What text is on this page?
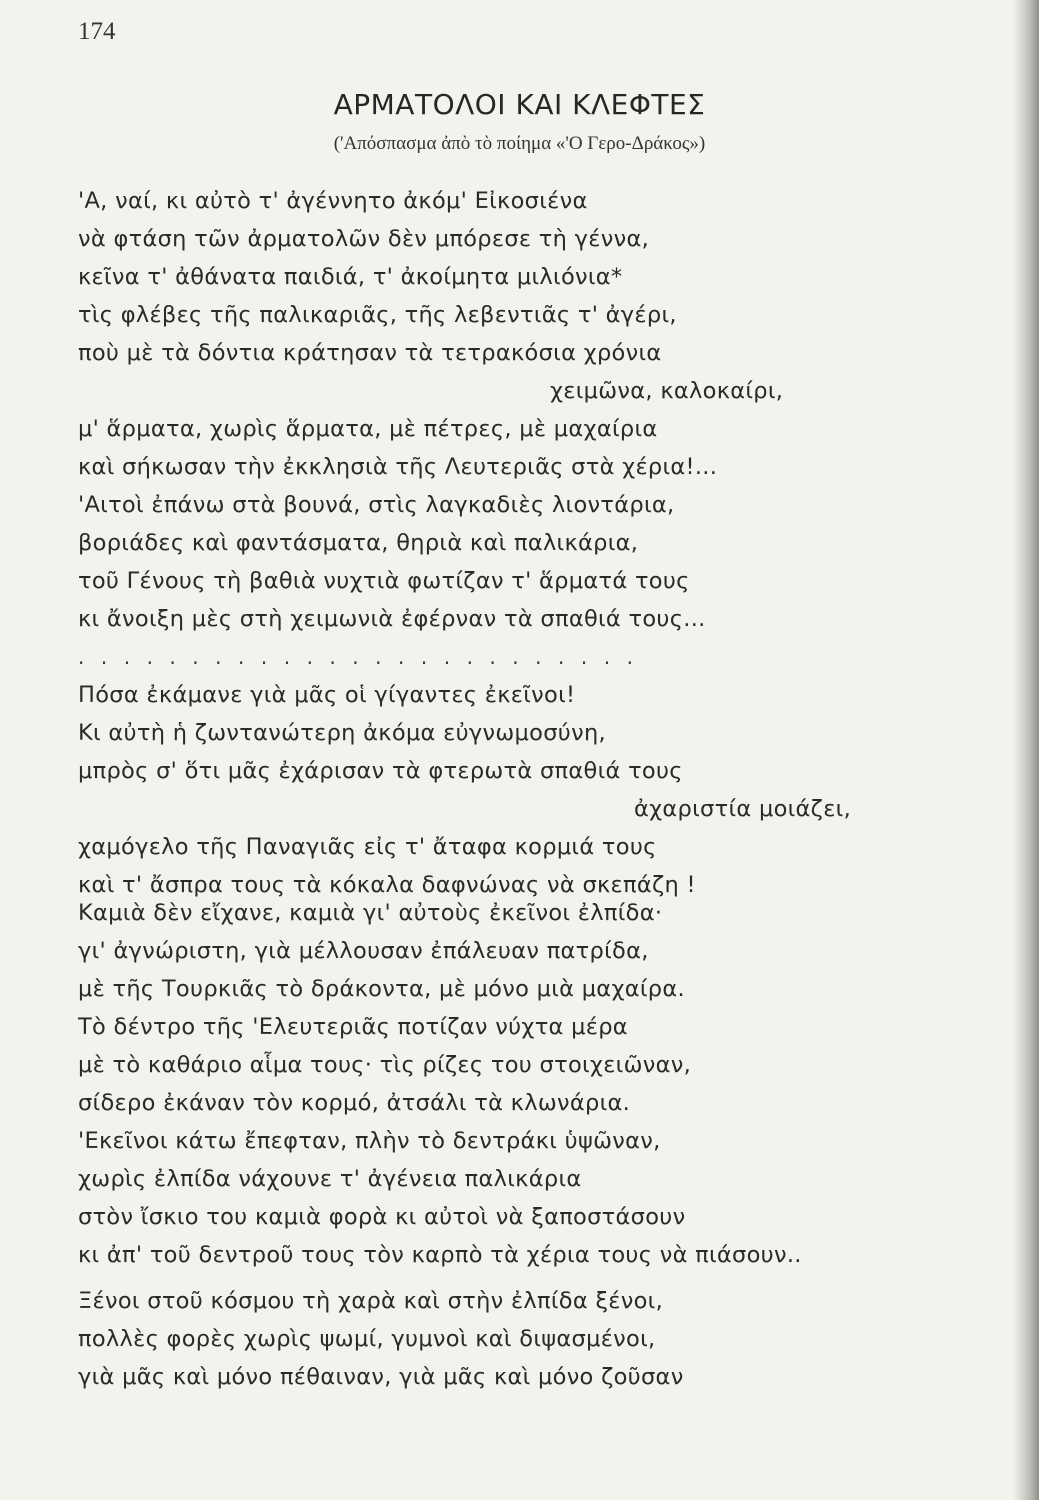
174
ΑΡΜΑΤΟΛΟΙ ΚΑΙ ΚΛΕΦΤΕΣ
('Απόσπασμα ἀπὸ τὸ ποίημα «'Ο Γερο-Δράκος»)
'Α, ναί, κι αὐτὸ τ' ἀγέννητο ἀκόμ' Εἰκοσιένα
νὰ φτάση τῶν ἀρματολῶν δὲν μπόρεσε τὴ γέννα,
κεῖνα τ' ἀθάνατα παιδιά, τ' ἀκοίμητα μιλιόνια*
τὶς φλέβες τῆς παλικαριᾶς, τῆς λεβεντιᾶς τ' ἀγέρι,
ποὺ μὲ τὰ δόντια κράτησαν τὰ τετρακόσια χρόνια
χειμῶνα, καλοκαίρι,
μ' ἅρματα, χωρὶς ἅρματα, μὲ πέτρες, μὲ μαχαίρια
καὶ σήκωσαν τὴν ἐκκλησιὰ τῆς Λευτεριᾶς στὰ χέρια!...
'Αιτοὶ ἐπάνω στὰ βουνά, στὶς λαγκαδιὲς λιοντάρια,
βοριάδες καὶ φαντάσματα, θηριὰ καὶ παλικάρια,
τοῦ Γένους τὴ βαθιὰ νυχτιὰ φωτίζαν τ' ἅρματά τους
κι ἄνοιξη μὲς στὴ χειμωνιὰ ἐφέρναν τὰ σπαθιά τους...
.........................
Πόσα ἐκάμανε γιὰ μᾶς οἱ γίγαντες ἐκεῖνοι!
Κι αὐτὴ ἡ ζωντανώτερη ἀκόμα εὐγνωμοσύνη,
μπρὸς σ' ὅτι μᾶς ἐχάρισαν τὰ φτερωτὰ σπαθιά τους
ἀχαριστία μοιάζει,
χαμόγελο τῆς Παναγιᾶς εἰς τ' ἄταφα κορμιά τους
καὶ τ' ἄσπρα τους τὰ κόκαλα δαφνώνας νὰ σκεπάζη !
Καμιὰ δὲν εἴχανε, καμιὰ γι' αὐτοὺς ἐκεῖνοι ἐλπίδα·
γι' ἀγνώριστη, γιὰ μέλλουσαν ἐπάλευαν πατρίδα,
μὲ τῆς Τουρκιᾶς τὸ δράκοντα, μὲ μόνο μιὰ μαχαίρα.
Τὸ δέντρο τῆς 'Ελευτεριᾶς ποτίζαν νύχτα μέρα
μὲ τὸ καθάριο αἷμα τους· τὶς ρίζες του στοιχειῶναν,
σίδερο ἐκάναν τὸν κορμό, ἀτσάλι τὰ κλωνάρια.
'Εκεῖνοι κάτω ἔπεφταν, πλὴν τὸ δεντράκι ὑψῶναν,
χωρὶς ἐλπίδα νάχουνε τ' ἀγένεια παλικάρια
στὸν ἴσκιο του καμιὰ φορὰ κι αὐτοὶ νὰ ξαποστάσουν
κι ἀπ' τοῦ δεντροῦ τους τὸν καρπὸ τὰ χέρια τους νὰ πιάσουν..
Ξένοι στοῦ κόσμου τὴ χαρὰ καὶ στὴν ἐλπίδα ξένοι,
πολλὲς φορὲς χωρὶς ψωμί, γυμνοὶ καὶ διψασμένοι,
γιὰ μᾶς καὶ μόνο πέθαιναν, γιὰ μᾶς καὶ μόνο ζοῦσαν
